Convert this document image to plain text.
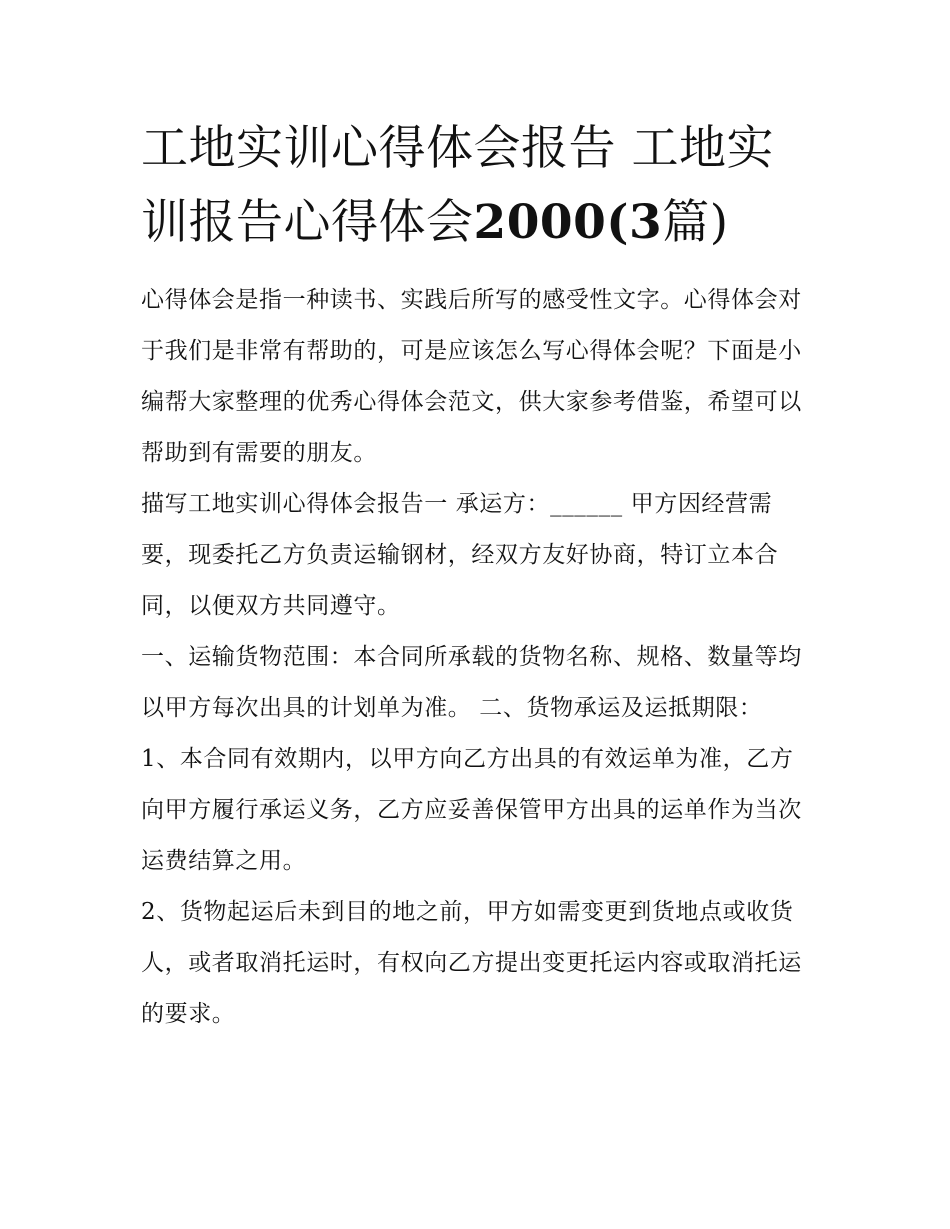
工地实训心得体会报告 工地实训报告心得体会2000(3篇)

心得体会是指一种读书、实践后所写的感受性文字。心得体会对于我们是非常有帮助的，可是应该怎么写心得体会呢？下面是小编帮大家整理的优秀心得体会范文，供大家参考借鉴，希望可以帮助到有需要的朋友。

描写工地实训心得体会报告一 承运方：______ 甲方因经营需要，现委托乙方负责运输钢材，经双方友好协商，特订立本合同，以便双方共同遵守。

一、运输货物范围：本合同所承载的货物名称、规格、数量等均以甲方每次出具的计划单为准。 二、货物承运及运抵期限：

1、本合同有效期内，以甲方向乙方出具的有效运单为准，乙方向甲方履行承运义务，乙方应妥善保管甲方出具的运单作为当次运费结算之用。

2、货物起运后未到目的地之前，甲方如需变更到货地点或收货人，或者取消托运时，有权向乙方提出变更托运内容或取消托运的要求。
